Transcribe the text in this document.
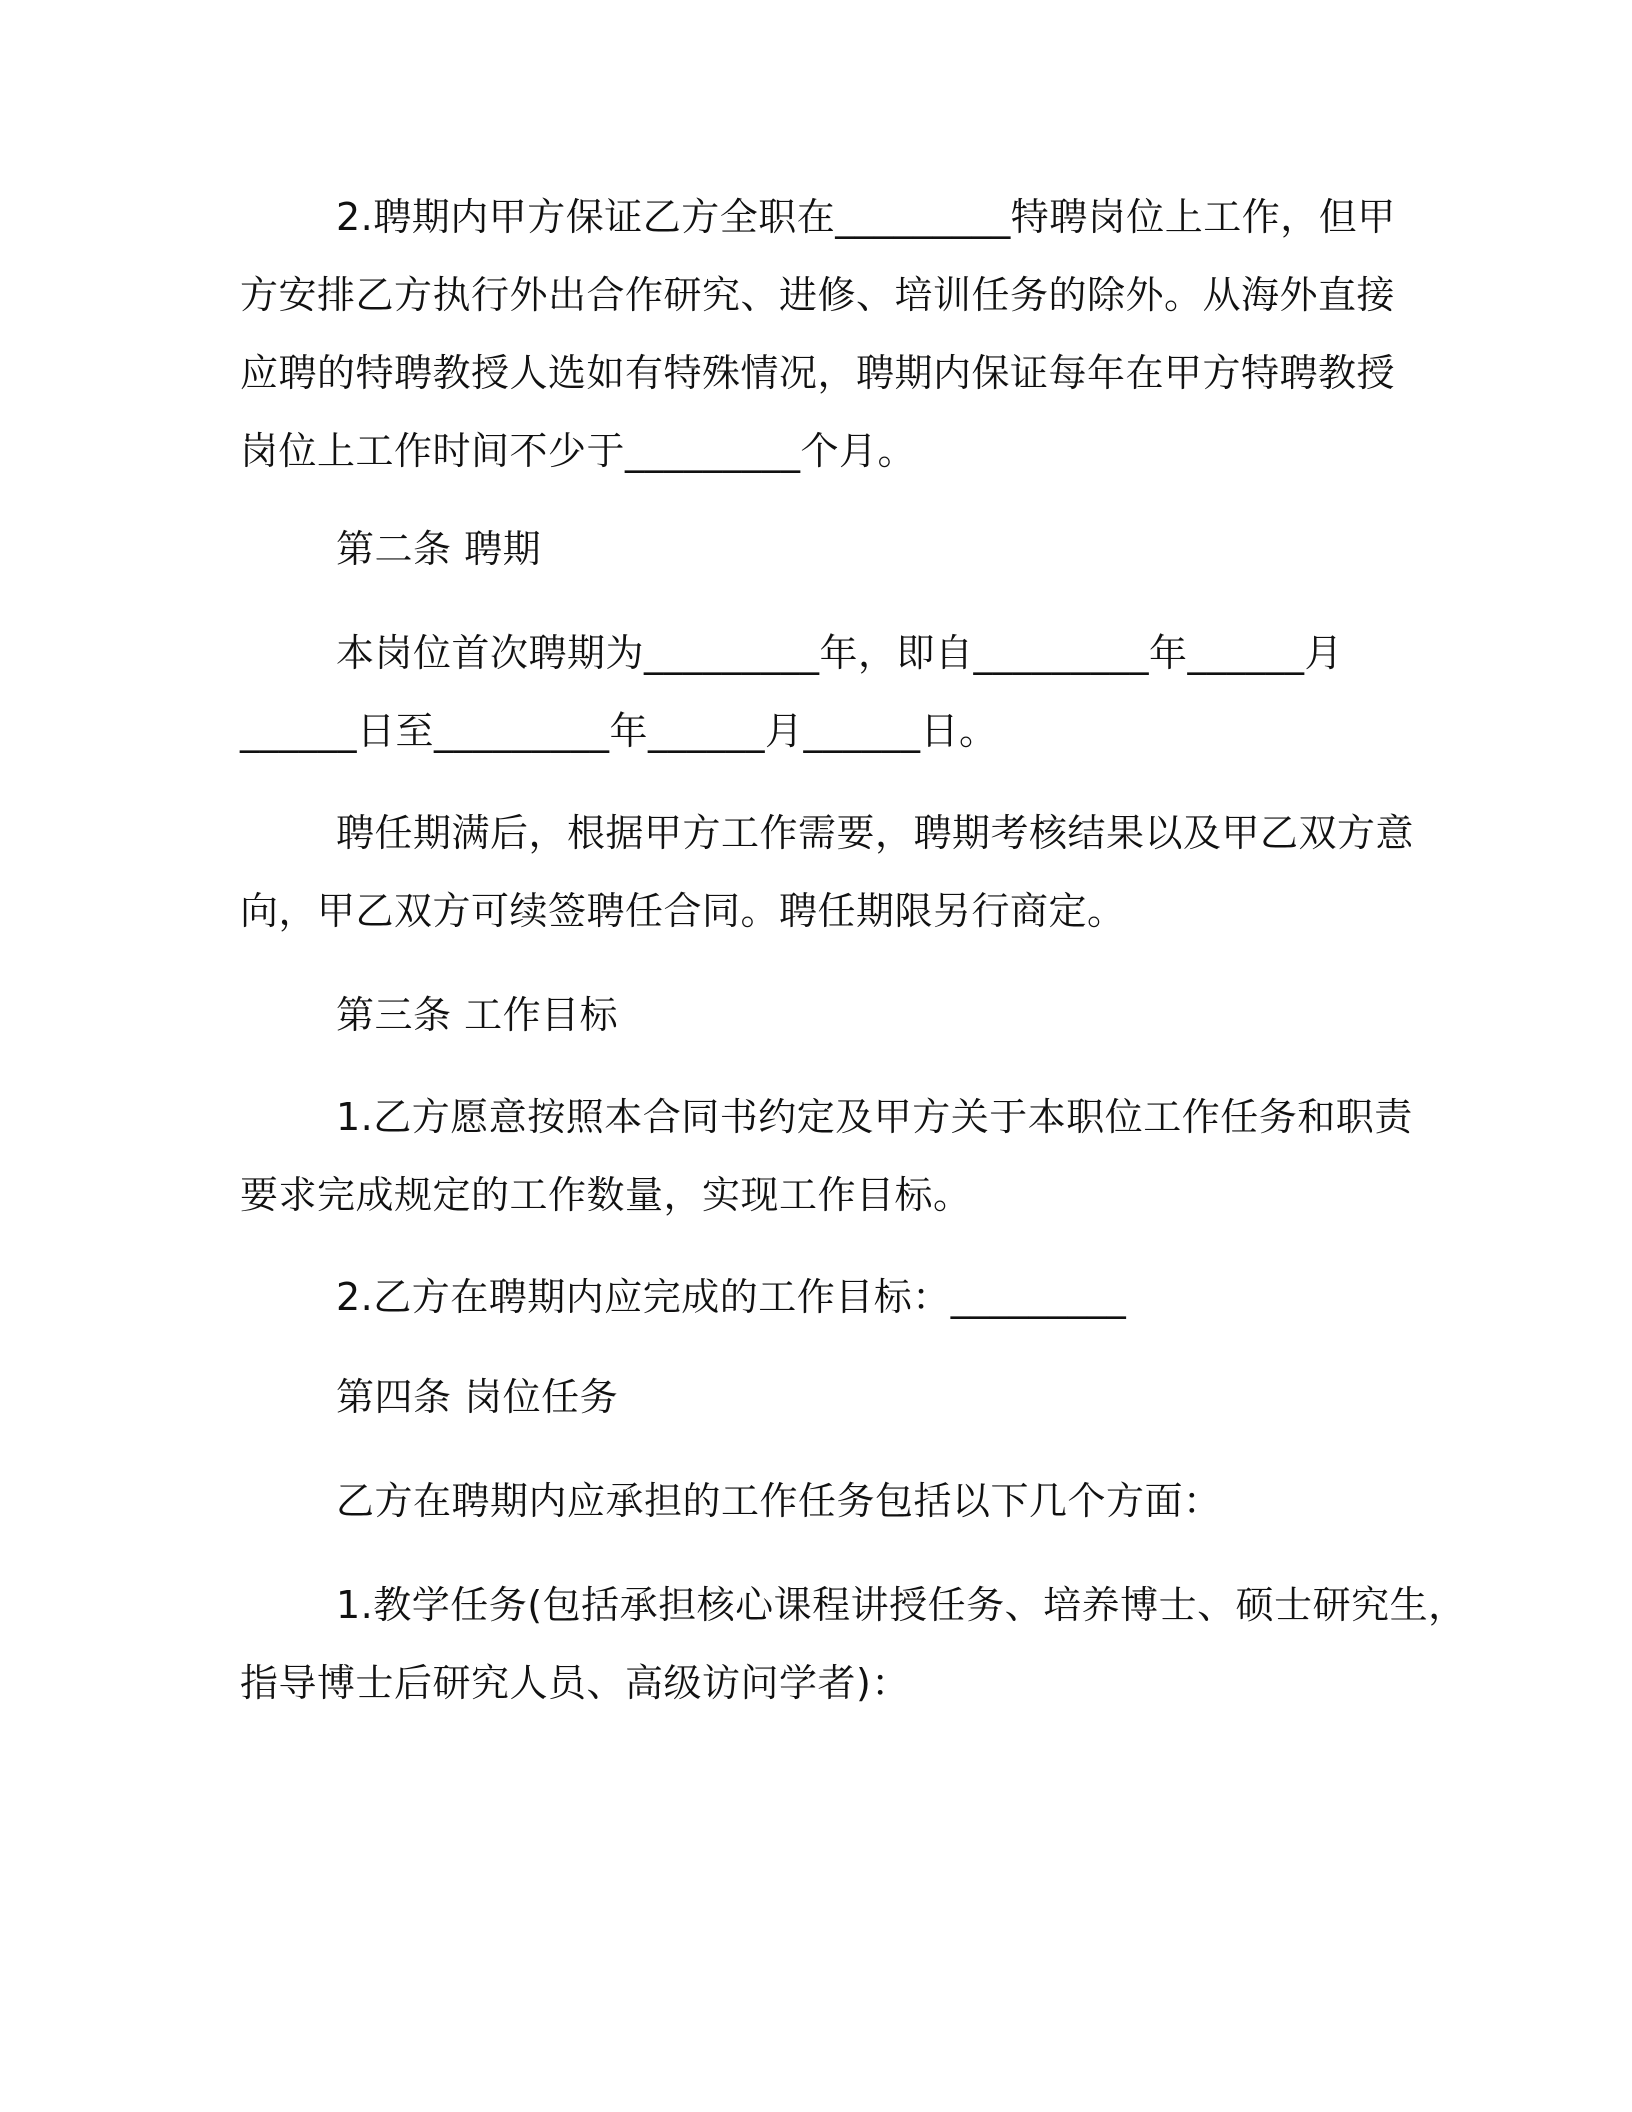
2.聘期内甲方保证乙方全职在_________特聘岗位上工作，但甲
方安排乙方执行外出合作研究、进修、培训任务的除外。从海外直接
应聘的特聘教授人选如有特殊情况，聘期内保证每年在甲方特聘教授
岗位上工作时间不少于_________个月。
第二条 聘期
本岗位首次聘期为_________年，即自_________年______月
______日至_________年______月______日。
聘任期满后，根据甲方工作需要，聘期考核结果以及甲乙双方意
向，甲乙双方可续签聘任合同。聘任期限另行商定。
第三条 工作目标
1.乙方愿意按照本合同书约定及甲方关于本职位工作任务和职责
要求完成规定的工作数量，实现工作目标。
2.乙方在聘期内应完成的工作目标：_________
第四条 岗位任务
乙方在聘期内应承担的工作任务包括以下几个方面：
1.教学任务(包括承担核心课程讲授任务、培养博士、硕士研究生，
指导博士后研究人员、高级访问学者)：
